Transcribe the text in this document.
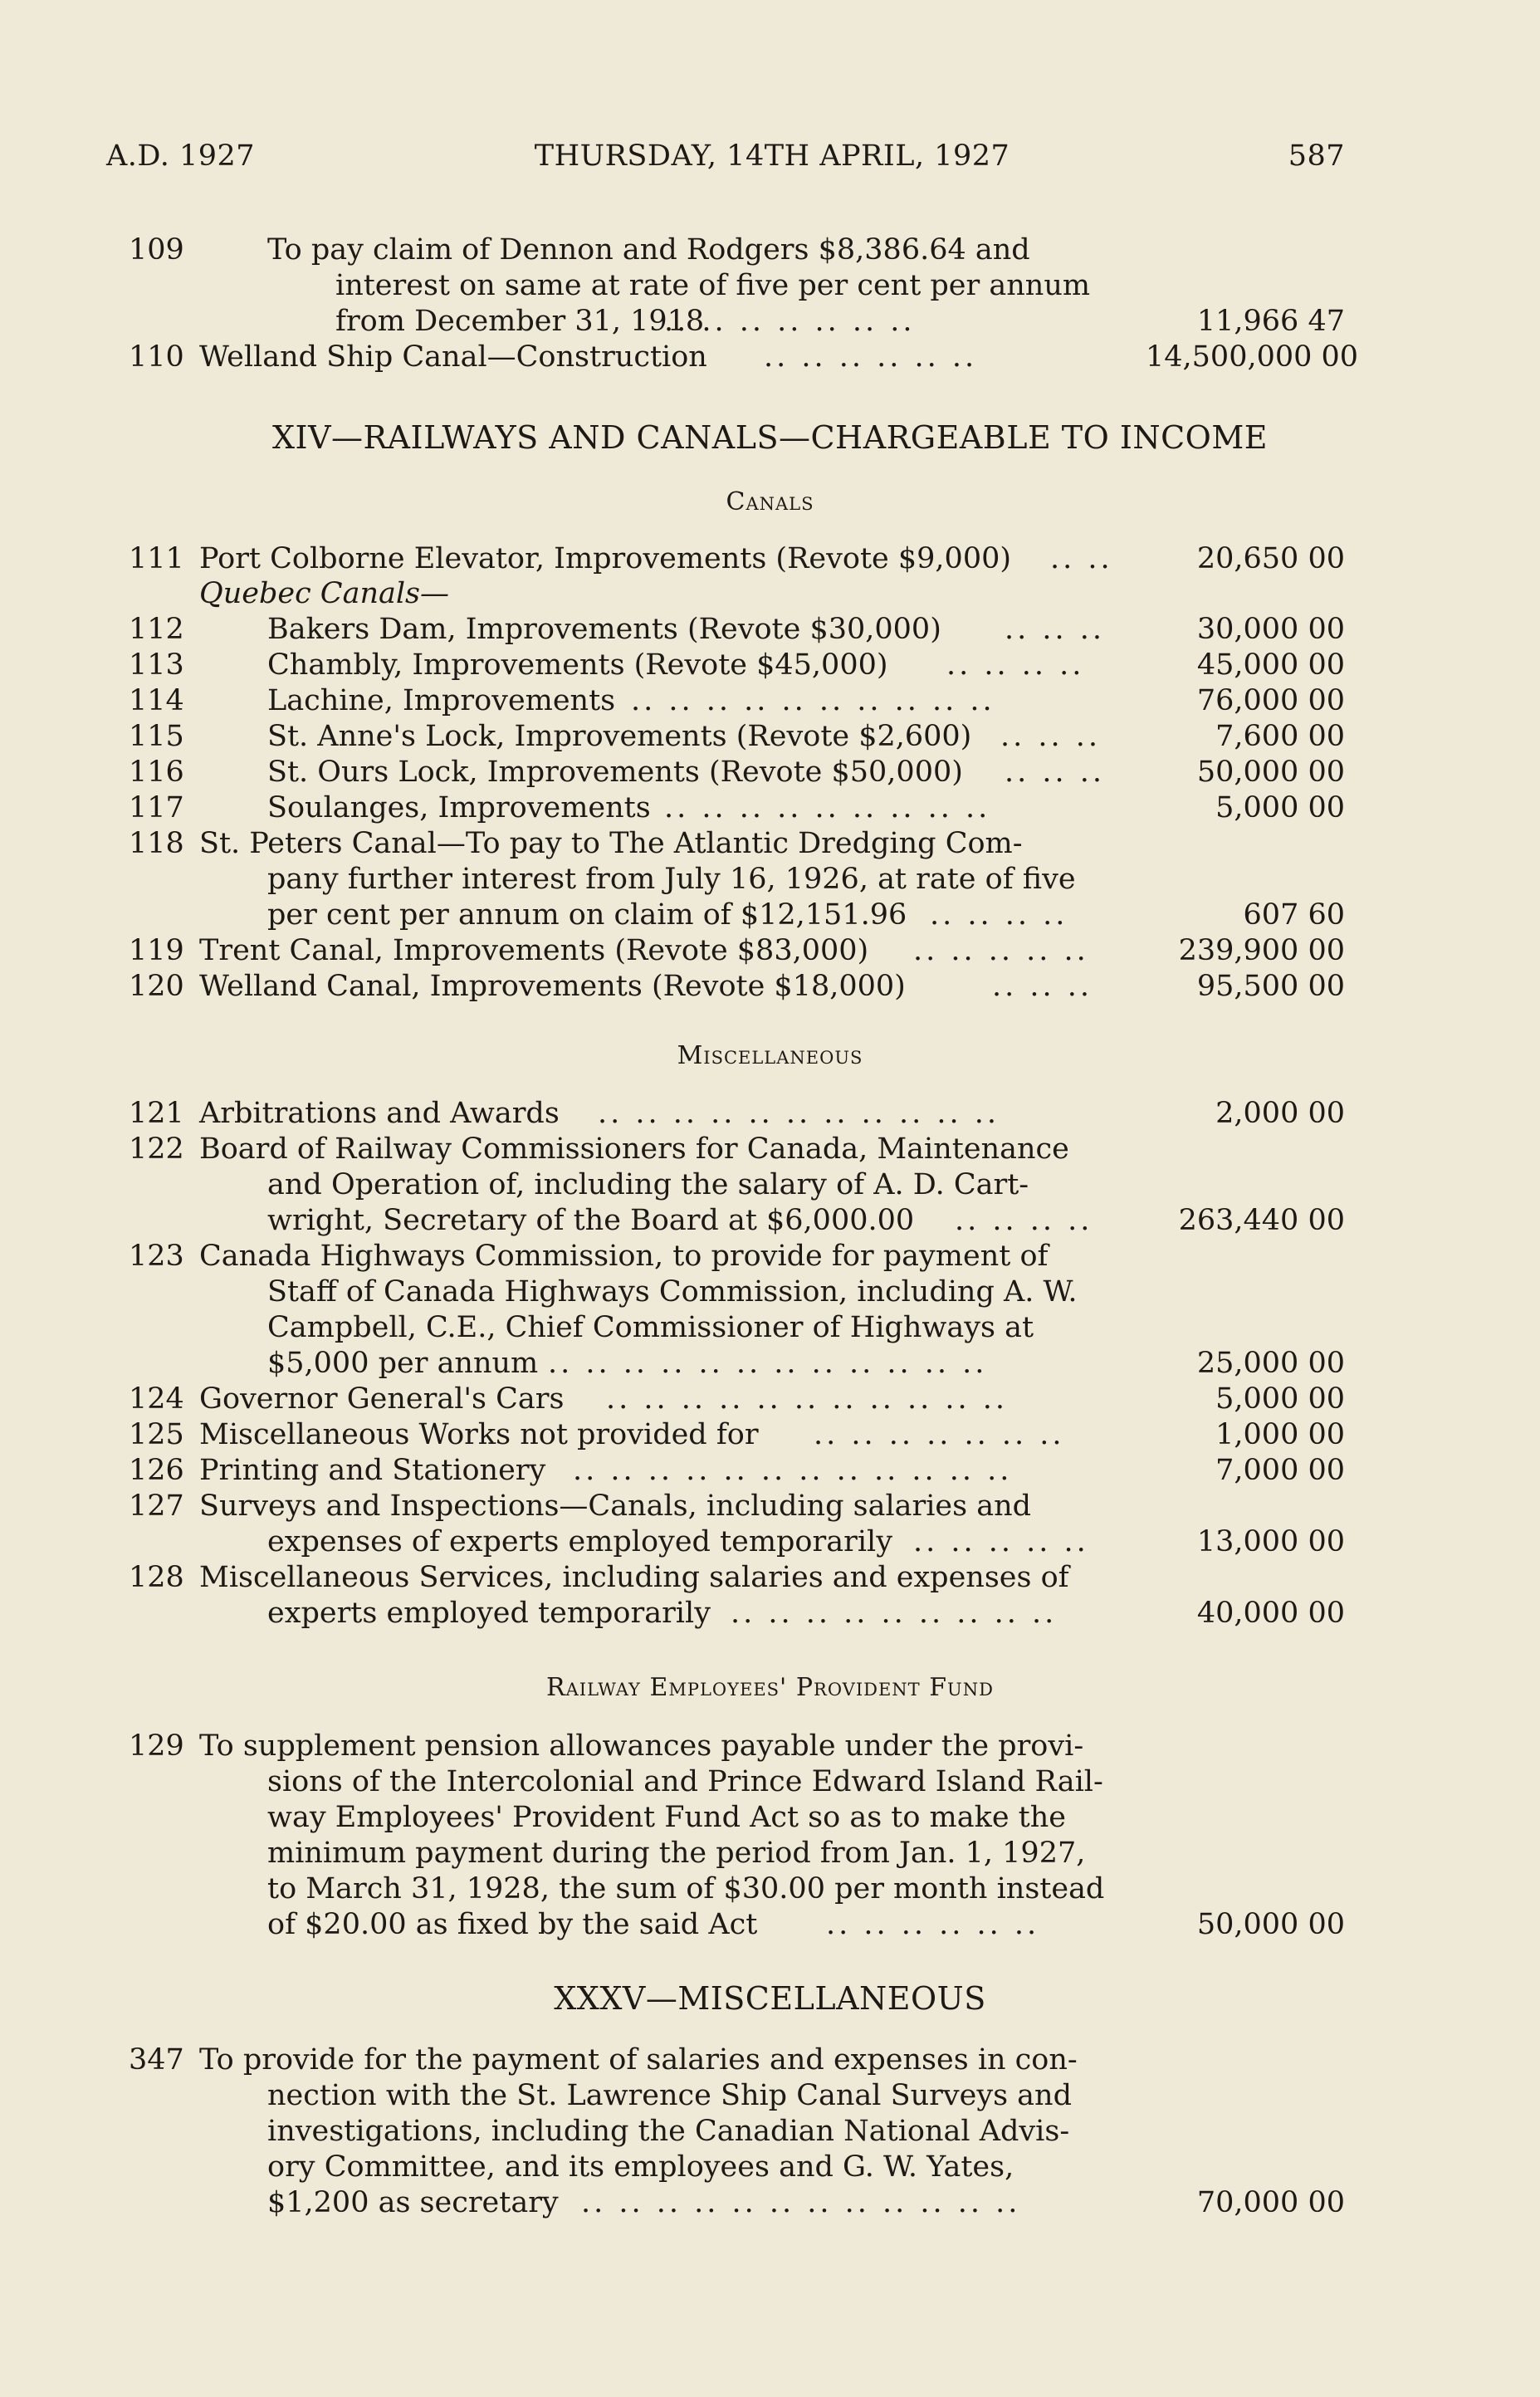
A.D. 1927	THURSDAY, 14TH APRIL, 1927	587
109	To pay claim of Dennon and Rodgers $8,386.64 and
interest on same at rate of five per cent per annum
from December 31, 1918
.. .. .. .. .. .. ..	11,966 47
110 Welland Ship Canal—Construction .. .. .. .. .. ..	14,500,000 00
XIV—RAILWAYS AND CANALS—CHARGEABLE TO INCOME
Canals
111 Port Colborne Elevator, Improvements (Revote $9,000) .. ..	20,650 00
Quebec Canals—
112	Bakers Dam, Improvements (Revote $30,000) .. .. ..	30,000 00
113	Chambly, Improvements (Revote $45,000) .. .. .. ..	45,000 00
114	Lachine, Improvements .. .. .. .. .. .. .. .. .. ..	76,000 00
115	St. Anne's Lock, Improvements (Revote $2,600) .. .. ..	7,600 00
116	St. Ours Lock, Improvements (Revote $50,000) .. .. ..	50,000 00
117	Soulanges, Improvements .. .. .. .. .. .. .. .. ..	5,000 00
118 St. Peters Canal—To pay to The Atlantic Dredging Com-
pany further interest from July 16, 1926, at rate of five
per cent per annum on claim of $12,151.96 .. .. .. ..	607 60
119 Trent Canal, Improvements (Revote $83,000) .. .. .. .. ..	239,900 00
120 Welland Canal, Improvements (Revote $18,000)	.. .. ..	95,500 00
Miscellaneous
121 Arbitrations and Awards .. .. .. .. .. .. .. .. .. .. ..	2,000 00
122 Board of Railway Commissioners for Canada, Maintenance
and Operation of, including the salary of A. D. Cart-
wright, Secretary of the Board at $6,000.00 .. .. .. ..	263,440 00
123 Canada Highways Commission, to provide for payment of
Staff of Canada Highways Commission, including A. W.
Campbell, C.E., Chief Commissioner of Highways at
$5,000 per annum .. .. .. .. .. .. .. .. .. .. .. ..	25,000 00
124 Governor General's Cars .. .. .. .. .. .. .. .. .. .. ..	5,000 00
125 Miscellaneous Works not provided for .. .. .. .. .. .. ..	1,000 00
126 Printing and Stationery .. .. .. .. .. .. .. .. .. .. .. ..	7,000 00
127 Surveys and Inspections—Canals, including salaries and
expenses of experts employed temporarily .. .. .. .. ..	13,000 00
128 Miscellaneous Services, including salaries and expenses of
experts employed temporarily .. .. .. .. .. .. .. .. ..	40,000 00
Railway Employees' Provident Fund
129 To supplement pension allowances payable under the provi-
sions of the Intercolonial and Prince Edward Island Rail-
way Employees' Provident Fund Act so as to make the
minimum payment during the period from Jan. 1, 1927,
to March 31, 1928, the sum of $30.00 per month instead
of $20.00 as fixed by the said Act .. .. .. .. .. ..	50,000 00
XXXV—MISCELLANEOUS
347 To provide for the payment of salaries and expenses in con-
nection with the St. Lawrence Ship Canal Surveys and
investigations, including the Canadian National Advis-
ory Committee, and its employees and G. W. Yates,
$1,200 as secretary .. .. .. .. .. .. .. .. .. .. .. ..	70,000 00
